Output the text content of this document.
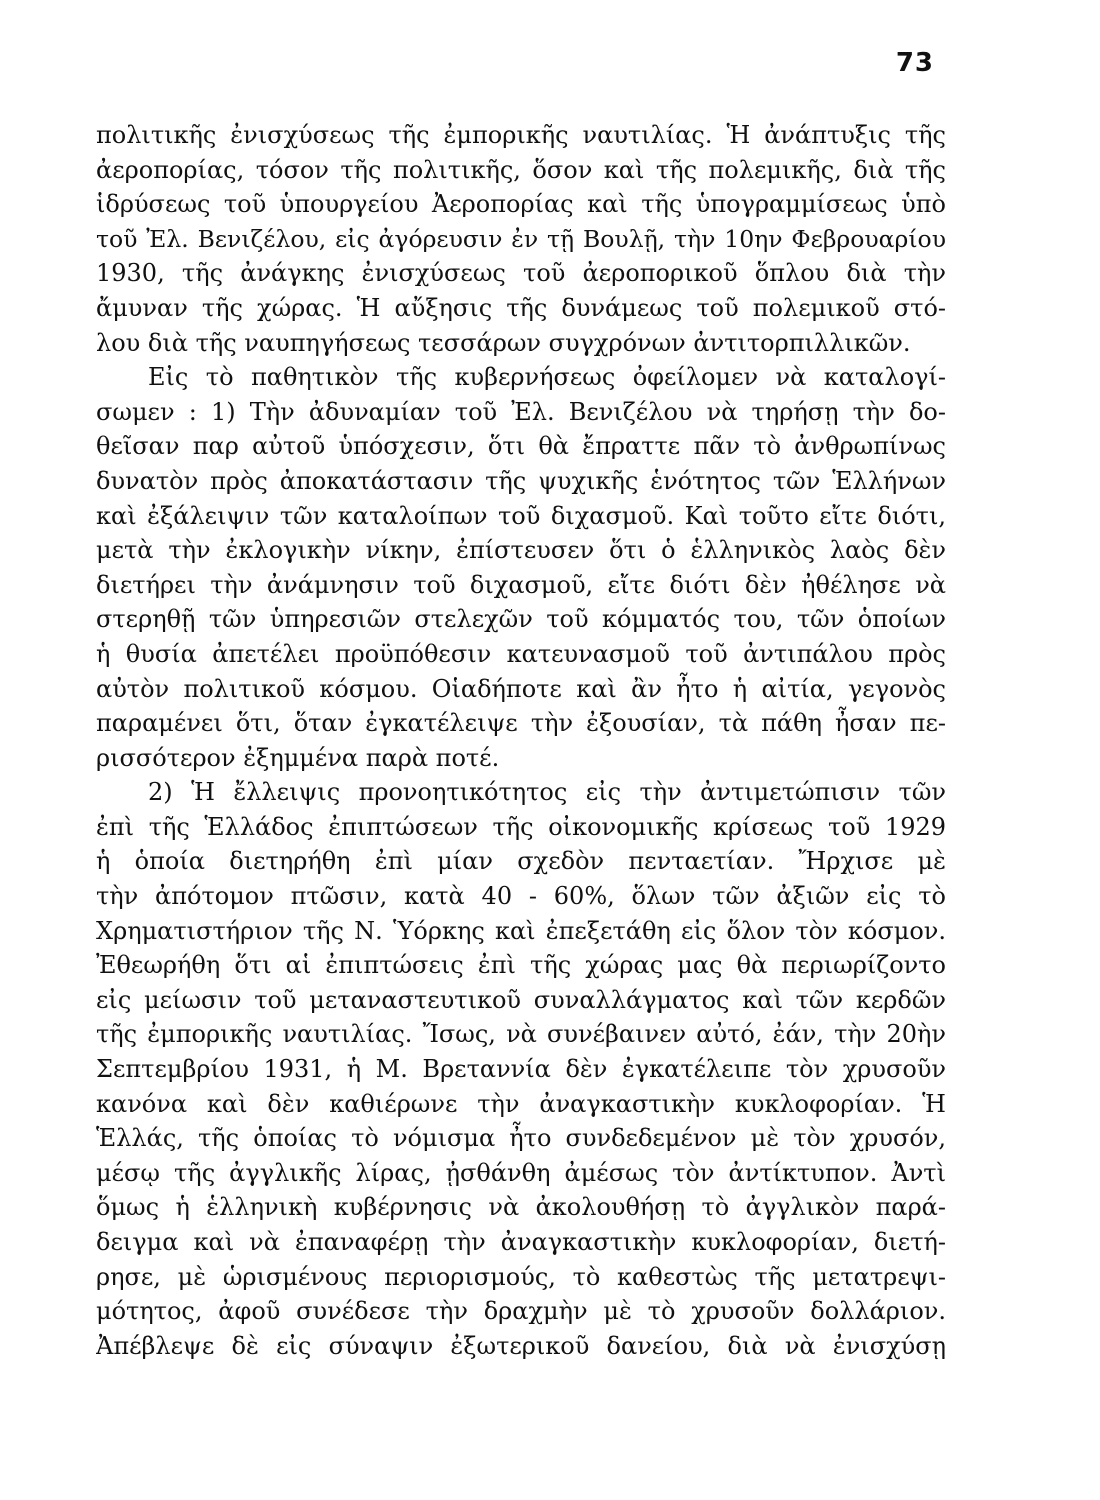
73
πολιτικῆς ἐνισχύσεως τῆς ἐμπορικῆς ναυτιλίας. Ἡ ἀνάπτυξις τῆς
ἀεροπορίας, τόσον τῆς πολιτικῆς, ὅσον καὶ τῆς πολεμικῆς, διὰ τῆς
ἱδρύσεως τοῦ ὑπουργείου Ἀεροπορίας καὶ τῆς ὑπογραμμίσεως ὑπὸ
τοῦ Ἐλ. Βενιζέλου, εἰς ἀγόρευσιν ἐν τῇ Βουλῇ, τὴν 10ην Φεβρουαρίου
1930, τῆς ἀνάγκης ἐνισχύσεως τοῦ ἀεροπορικοῦ ὅπλου διὰ τὴν
ἄμυναν τῆς χώρας. Ἡ αὔξησις τῆς δυνάμεως τοῦ πολεμικοῦ στό-
λου διὰ τῆς ναυπηγήσεως τεσσάρων συγχρόνων ἀντιτορπιλλικῶν.
Εἰς τὸ παθητικὸν τῆς κυβερνήσεως ὀφείλομεν νὰ καταλογί-
σωμεν : 1) Τὴν ἀδυναμίαν τοῦ Ἐλ. Βενιζέλου νὰ τηρήσῃ τὴν δο-
θεῖσαν παρ αὐτοῦ ὑπόσχεσιν, ὅτι θὰ ἔπραττε πᾶν τὸ ἀνθρωπίνως
δυνατὸν πρὸς ἀποκατάστασιν τῆς ψυχικῆς ἑνότητος τῶν Ἑλλήνων
καὶ ἐξάλειψιν τῶν καταλοίπων τοῦ διχασμοῦ. Καὶ τοῦτο εἴτε διότι,
μετὰ τὴν ἐκλογικὴν νίκην, ἐπίστευσεν ὅτι ὁ ἑλληνικὸς λαὸς δὲν
διετήρει τὴν ἀνάμνησιν τοῦ διχασμοῦ, εἴτε διότι δὲν ἠθέλησε νὰ
στερηθῇ τῶν ὑπηρεσιῶν στελεχῶν τοῦ κόμματός του, τῶν ὁποίων
ἡ θυσία ἀπετέλει προϋπόθεσιν κατευνασμοῦ τοῦ ἀντιπάλου πρὸς
αὐτὸν πολιτικοῦ κόσμου. Οἱαδήποτε καὶ ἂν ἦτο ἡ αἰτία, γεγονὸς
παραμένει ὅτι, ὅταν ἐγκατέλειψε τὴν ἐξουσίαν, τὰ πάθη ἦσαν πε-
ρισσότερον ἐξημμένα παρὰ ποτέ.
2) Ἡ ἔλλειψις προνοητικότητος εἰς τὴν ἀντιμετώπισιν τῶν
ἐπὶ τῆς Ἑλλάδος ἐπιπτώσεων τῆς οἰκονομικῆς κρίσεως τοῦ 1929
ἡ ὁποία διετηρήθη ἐπὶ μίαν σχεδὸν πενταετίαν. Ἤρχισε μὲ
τὴν ἀπότομον πτῶσιν, κατὰ 40 - 60%, ὅλων τῶν ἀξιῶν εἰς τὸ
Χρηματιστήριον τῆς Ν. Ὑόρκης καὶ ἐπεξετάθη εἰς ὅλον τὸν κόσμον.
Ἐθεωρήθη ὅτι αἱ ἐπιπτώσεις ἐπὶ τῆς χώρας μας θὰ περιωρίζοντο
εἰς μείωσιν τοῦ μεταναστευτικοῦ συναλλάγματος καὶ τῶν κερδῶν
τῆς ἐμπορικῆς ναυτιλίας. Ἴσως, νὰ συνέβαινεν αὐτό, ἐάν, τὴν 20ὴν
Σεπτεμβρίου 1931, ἡ Μ. Βρεταννία δὲν ἐγκατέλειπε τὸν χρυσοῦν
κανόνα καὶ δὲν καθιέρωνε τὴν ἀναγκαστικὴν κυκλοφορίαν. Ἡ
Ἑλλάς, τῆς ὁποίας τὸ νόμισμα ἦτο συνδεδεμένον μὲ τὸν χρυσόν,
μέσῳ τῆς ἀγγλικῆς λίρας, ᾐσθάνθη ἀμέσως τὸν ἀντίκτυπον. Ἀντὶ
ὅμως ἡ ἑλληνικὴ κυβέρνησις νὰ ἀκολουθήσῃ τὸ ἀγγλικὸν παρά-
δειγμα καὶ νὰ ἐπαναφέρῃ τὴν ἀναγκαστικὴν κυκλοφορίαν, διετή-
ρησε, μὲ ὡρισμένους περιορισμούς, τὸ καθεστὼς τῆς μετατρεψι-
μότητος, ἀφοῦ συνέδεσε τὴν δραχμὴν μὲ τὸ χρυσοῦν δολλάριον.
Ἀπέβλεψε δὲ εἰς σύναψιν ἐξωτερικοῦ δανείου, διὰ νὰ ἐνισχύσῃ
